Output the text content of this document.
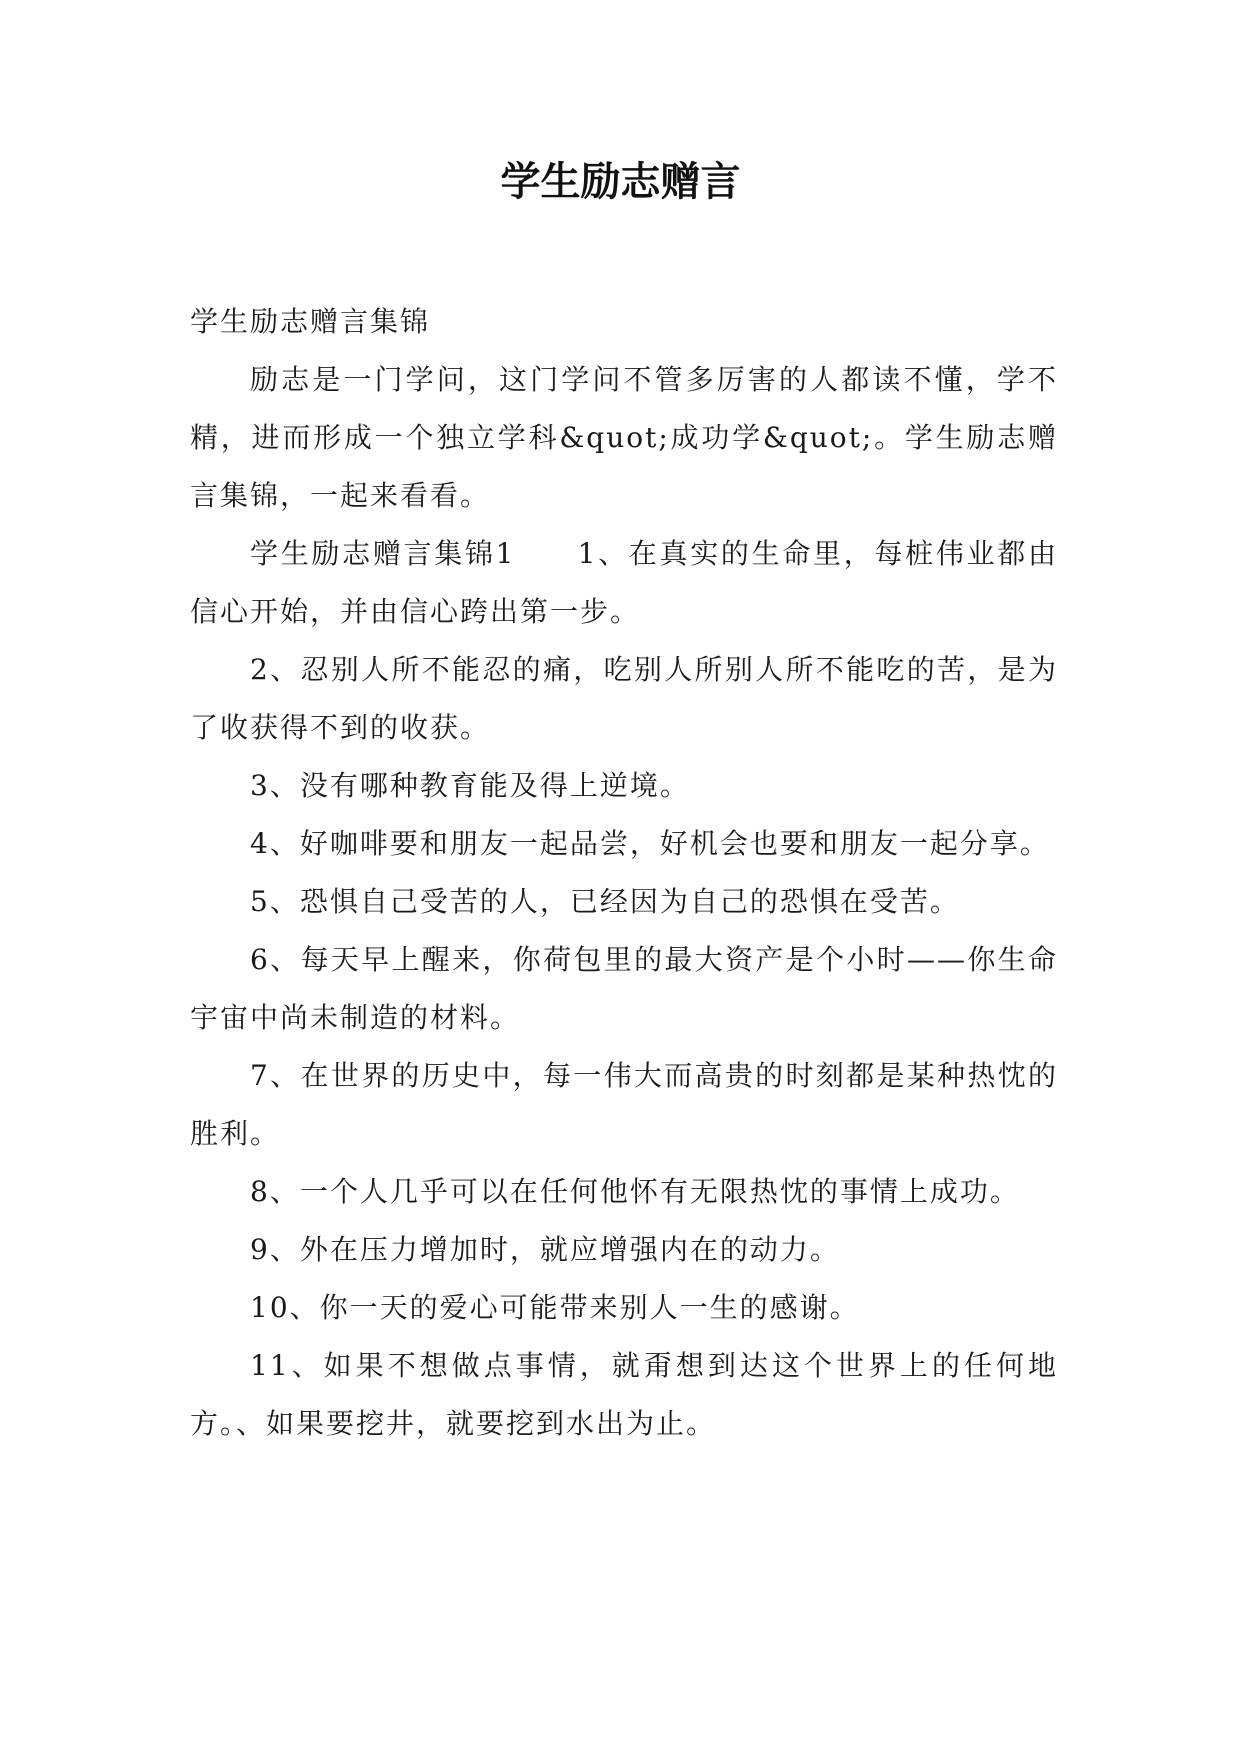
学生励志赠言

学生励志赠言集锦

励志是一门学问，这门学问不管多厉害的人都读不懂，学不精，进而形成一个独立学科&quot;成功学&quot;。学生励志赠言集锦，一起来看看。

学生励志赠言集锦1　　1、在真实的生命里，每桩伟业都由信心开始，并由信心跨出第一步。

2、忍别人所不能忍的痛，吃别人所别人所不能吃的苦，是为了收获得不到的收获。

3、没有哪种教育能及得上逆境。

4、好咖啡要和朋友一起品尝，好机会也要和朋友一起分享。

5、恐惧自己受苦的人，已经因为自己的恐惧在受苦。

6、每天早上醒来，你荷包里的最大资产是个小时——你生命宇宙中尚未制造的材料。

7、在世界的历史中，每一伟大而高贵的时刻都是某种热忱的胜利。

8、一个人几乎可以在任何他怀有无限热忱的事情上成功。

9、外在压力增加时，就应增强内在的动力。

10、你一天的爱心可能带来别人一生的感谢。

11、如果不想做点事情，就甭想到达这个世界上的任何地方。、如果要挖井，就要挖到水出为止。
